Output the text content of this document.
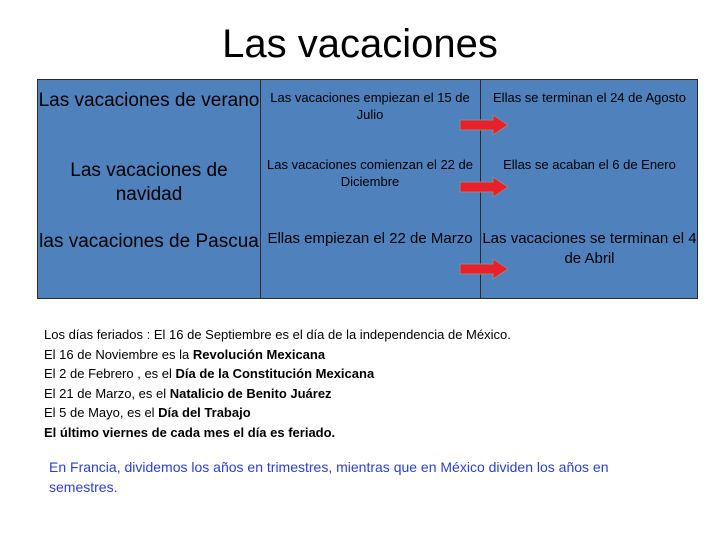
Las vacaciones
Las vacaciones de verano Las vacaciones empiezan el 15 de Julio
Ellas se terminan el 24 de Agosto
Las vacaciones de navidad
Las vacaciones comienzan el 22 de Diciembre
Ellas se acaban el 6 de Enero
las vacaciones de Pascua Ellas empiezan el 22 de Marzo Las vacaciones se terminan el 4 de Abril
Los días feriados : El 16 de Septiembre es el día de la independencia de México.
El 16 de Noviembre es la Revolución Mexicana
El 2 de Febrero , es el Día de la Constitución Mexicana
El 21 de Marzo, es el Natalicio de Benito Juárez
El 5 de Mayo, es el Día del Trabajo
El último viernes de cada mes el día es feriado.
En Francia, dividemos los años en trimestres, mientras que en México dividen los años en semestres.
